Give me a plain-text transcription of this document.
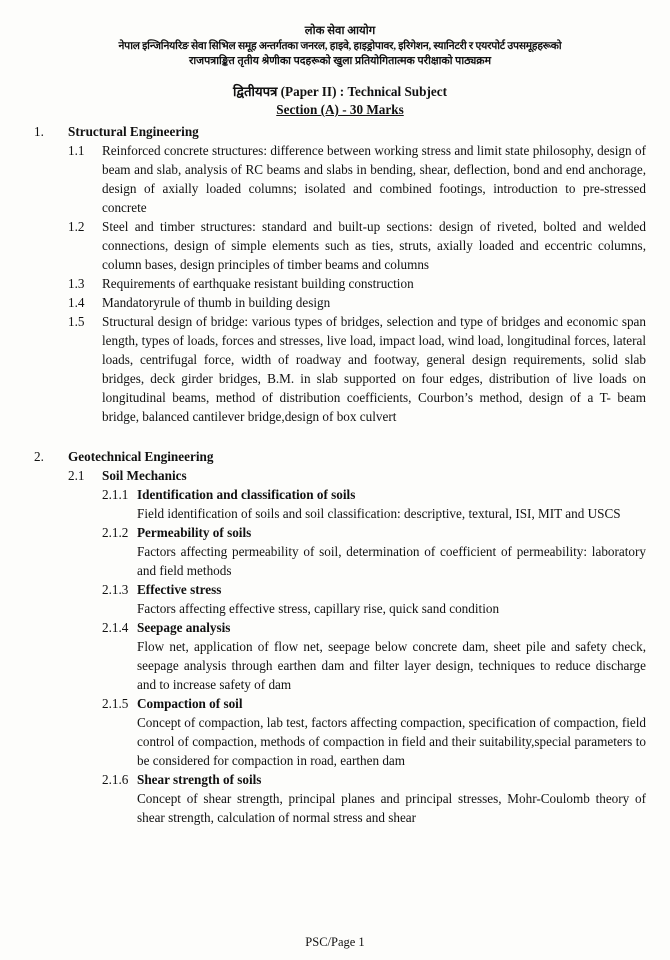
लोक सेवा आयोग
नेपाल इन्जिनियरिङ सेवा सिभिल समूह अन्तर्गतका जनरल, हाइवे, हाइड्रोपावर, इरिगेशन, स्यानिटरी र एयरपोर्ट उपसमूहहरूको
राजपत्राङ्कित तृतीय श्रेणीका पदहरूको खुला प्रतियोगितात्मक परीक्षाको पाठ्यक्रम
द्वितीयपत्र (Paper II) : Technical Subject
Section (A) - 30 Marks
1.	Structural Engineering
1.1	Reinforced concrete structures: difference between working stress and limit state philosophy, design of beam and slab, analysis of RC beams and slabs in bending, shear, deflection, bond and end anchorage, design of axially loaded columns; isolated and combined footings, introduction to pre-stressed concrete
1.2	Steel and timber structures: standard and built-up sections: design of riveted, bolted and welded connections, design of simple elements such as ties, struts, axially loaded and eccentric columns, column bases, design principles of timber beams and columns
1.3	Requirements of earthquake resistant building construction
1.4	Mandatoryrule of thumb in building design
1.5	Structural design of bridge: various types of bridges, selection and type of bridges and economic span length, types of loads, forces and stresses, live load, impact load, wind load, longitudinal forces, lateral loads, centrifugal force, width of roadway and footway, general design requirements, solid slab bridges, deck girder bridges, B.M. in slab supported on four edges, distribution of live loads on longitudinal beams, method of distribution coefficients, Courbon’s method, design of a T- beam bridge, balanced cantilever bridge,design of box culvert
2.	Geotechnical Engineering
2.1	Soil Mechanics
2.1.1 Identification and classification of soils
Field identification of soils and soil classification: descriptive, textural, ISI, MIT and USCS
2.1.2 Permeability of soils
Factors affecting permeability of soil, determination of coefficient of permeability: laboratory and field methods
2.1.3 Effective stress
Factors affecting effective stress, capillary rise, quick sand condition
2.1.4 Seepage analysis
Flow net, application of flow net, seepage below concrete dam, sheet pile and safety check, seepage analysis through earthen dam and filter layer design, techniques to reduce discharge and to increase safety of dam
2.1.5 Compaction of soil
Concept of compaction, lab test, factors affecting compaction, specification of compaction, field control of compaction, methods of compaction in field and their suitability,special parameters to be considered for compaction in road, earthen dam
2.1.6 Shear strength of soils
Concept of shear strength, principal planes and principal stresses, Mohr-Coulomb theory of shear strength, calculation of normal stress and shear
PSC/Page 1
